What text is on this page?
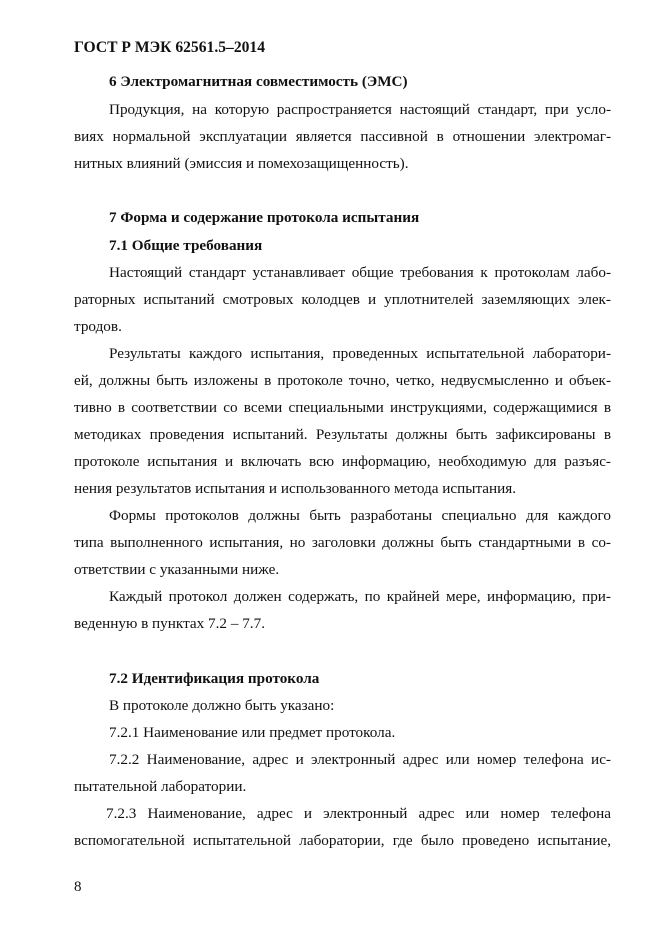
ГОСТ Р МЭК 62561.5–2014
6 Электромагнитная совместимость (ЭМС)
Продукция, на которую распространяется настоящий стандарт, при усло-
виях нормальной эксплуатации является пассивной в отношении электромаг-
нитных влияний (эмиссия и помехозащищенность).
7 Форма и содержание протокола испытания
7.1 Общие требования
Настоящий стандарт устанавливает общие требования к протоколам лабо-
раторных испытаний смотровых колодцев и уплотнителей заземляющих элек-
тродов.
Результаты каждого испытания, проведенных испытательной лаборатори-
ей, должны быть изложены в протоколе точно, четко, недвусмысленно и объек-
тивно в соответствии со всеми специальными инструкциями, содержащимися в
методиках проведения испытаний. Результаты должны быть зафиксированы в
протоколе испытания и включать всю информацию, необходимую для разъяс-
нения результатов испытания и использованного метода испытания.
Формы протоколов должны быть разработаны специально для каждого
типа выполненного испытания, но заголовки должны быть стандартными в со-
ответствии с указанными ниже.
Каждый протокол должен содержать, по крайней мере, информацию, при-
веденную в пунктах 7.2 – 7.7.
7.2 Идентификация протокола
В протоколе должно быть указано:
7.2.1 Наименование или предмет протокола.
7.2.2 Наименование, адрес и электронный адрес или номер телефона ис-
пытательной лаборатории.
7.2.3 Наименование, адрес и электронный адрес или номер телефона
вспомогательной испытательной лаборатории, где было проведено испытание,
8
